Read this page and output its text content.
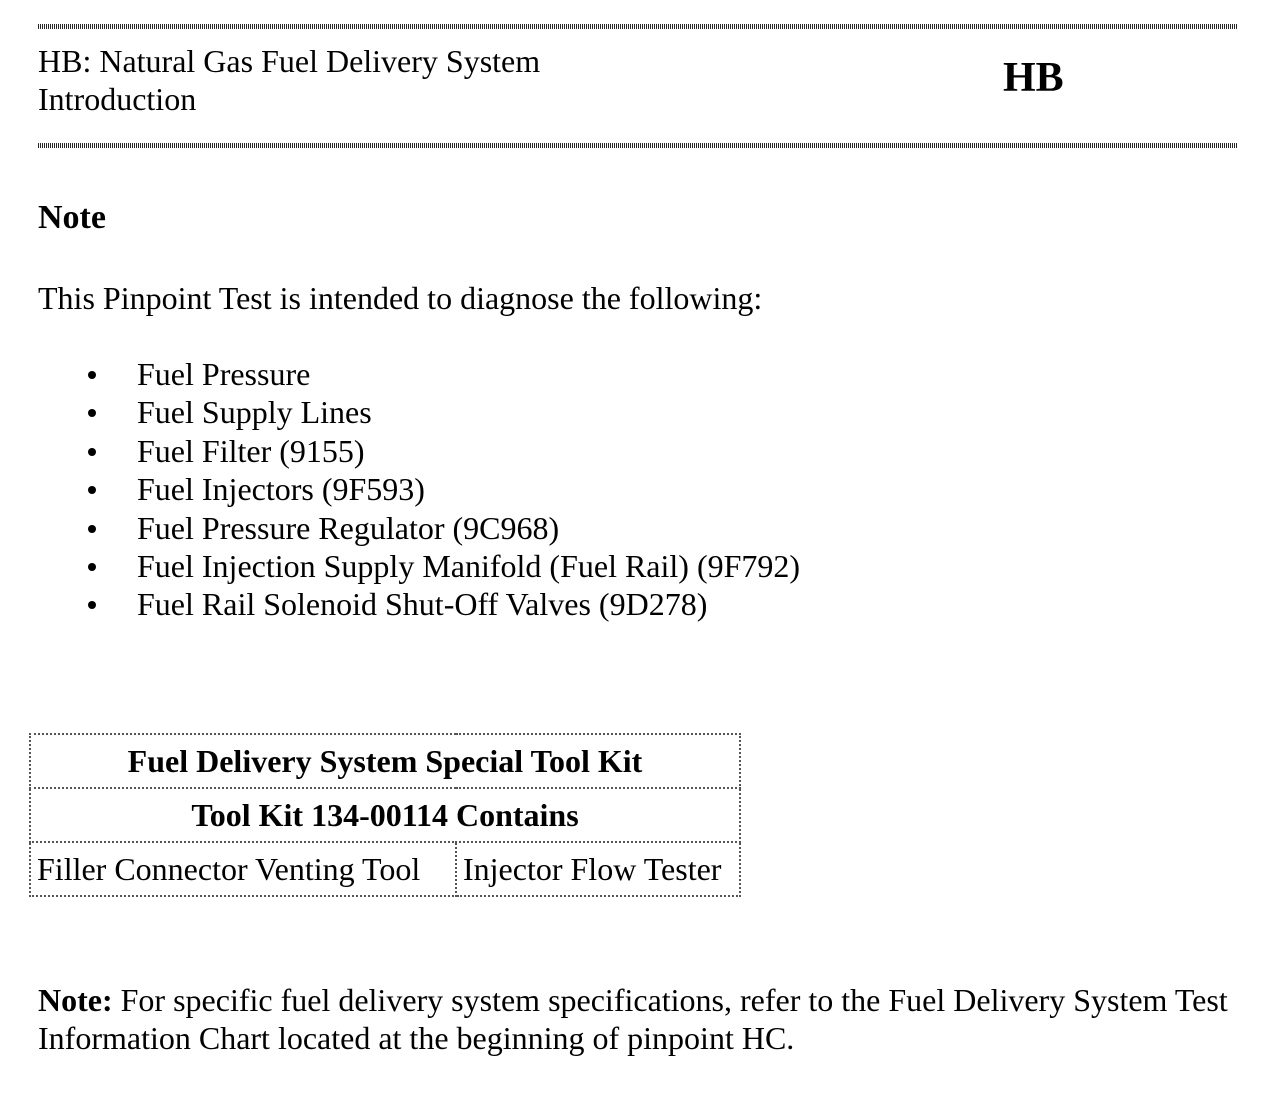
HB: Natural Gas Fuel Delivery System
Introduction	HB
Note
This Pinpoint Test is intended to diagnose the following:
Fuel Pressure
Fuel Supply Lines
Fuel Filter (9155)
Fuel Injectors (9F593)
Fuel Pressure Regulator (9C968)
Fuel Injection Supply Manifold (Fuel Rail) (9F792)
Fuel Rail Solenoid Shut-Off Valves (9D278)
Fuel Delivery System Special Tool Kit
Tool Kit 134-00114 Contains
Filler Connector Venting Tool	Injector Flow Tester

Note: For specific fuel delivery system specifications, refer to the Fuel Delivery System Test Information Chart located at the beginning of pinpoint HC.
